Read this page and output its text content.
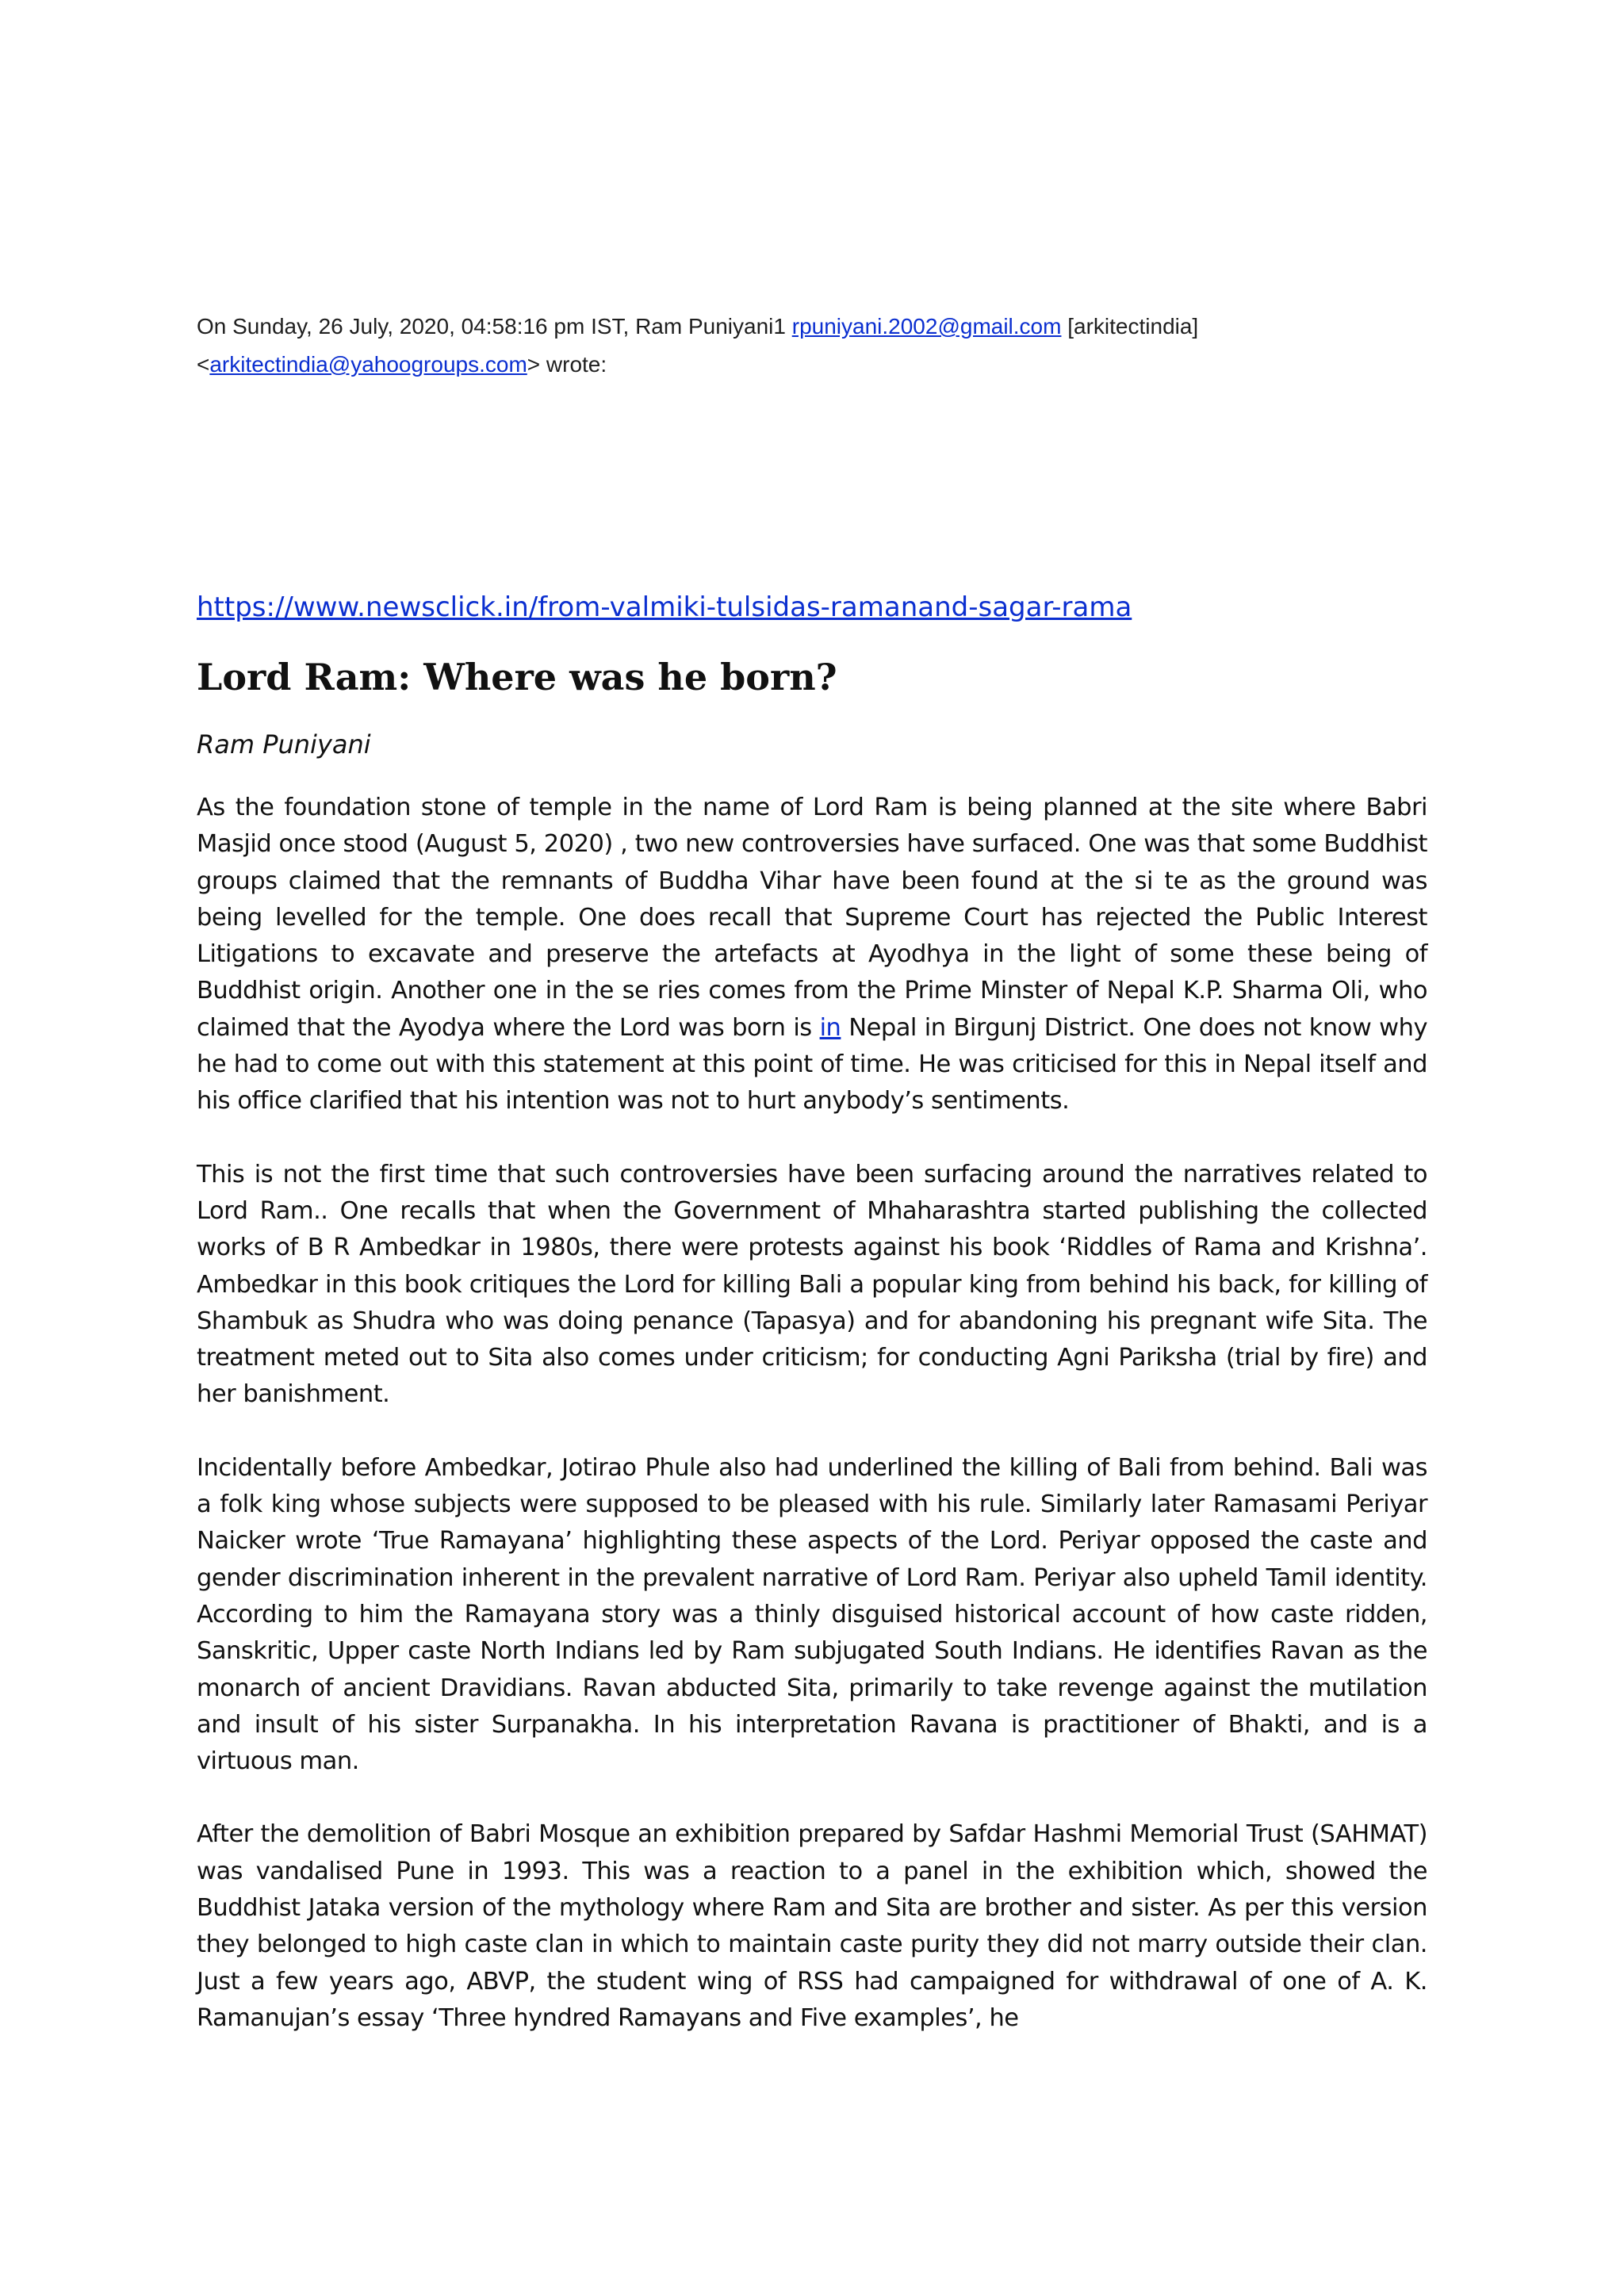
On Sunday, 26 July, 2020, 04:58:16 pm IST, Ram Puniyani1 rpuniyani.2002@gmail.com [arkitectindia]
<arkitectindia@yahoogroups.com> wrote:
https://www.newsclick.in/from-valmiki-tulsidas-ramanand-sagar-rama
Lord Ram: Where was he born?
Ram Puniyani

As the foundation stone of temple in the name of Lord Ram is being planned at the site where Babri Masjid once stood (August 5, 2020) , two new controversies have surfaced. One was that some Buddhist groups claimed that the remnants of Buddha Vihar have been found at the si te as the ground was being levelled for the temple. One does recall that Supreme Court has rejected the Public Interest Litigations to excavate and preserve the artefacts at Ayodhya in the light of some these being of Buddhist origin. Another one in the se ries comes from the Prime Minster of Nepal K.P. Sharma Oli, who claimed that the Ayodya where the Lord was born is in Nepal in Birgunj District. One does not know why he had to come out with this statement at this point of time. He was criticised for this in Nepal itself and his office clarified that his intention was not to hurt anybody’s sentiments.

This is not the first time that such controversies have been surfacing around the narratives related to Lord Ram.. One recalls that when the Government of Mhaharashtra started publishing the collected works of B R Ambedkar in 1980s, there were protests against his book ‘Riddles of Rama and Krishna’. Ambedkar in this book critiques the Lord for killing Bali a popular king from behind his back, for killing of Shambuk as Shudra who was doing penance (Tapasya) and for abandoning his pregnant wife Sita. The treatment meted out to Sita also comes under criticism; for conducting Agni Pariksha (trial by fire) and her banishment.

Incidentally before Ambedkar, Jotirao Phule also had underlined the killing of Bali from behind. Bali was a folk king whose subjects were supposed to be pleased with his rule. Similarly later Ramasami Periyar Naicker wrote ‘True Ramayana’ highlighting these aspects of the Lord. Periyar opposed the caste and gender discrimination inherent in the prevalent narrative of Lord Ram. Periyar also upheld Tamil identity. According to him the Ramayana story was a thinly disguised historical account of how caste ridden, Sanskritic, Upper caste North Indians led by Ram subjugated South Indians. He identifies Ravan as the monarch of ancient Dravidians. Ravan abducted Sita, primarily to take revenge against the mutilation and insult of his sister Surpanakha. In his interpretation Ravana is practitioner of Bhakti, and is a virtuous man.

After the demolition of Babri Mosque an exhibition prepared by Safdar Hashmi Memorial Trust (SAHMAT) was vandalised Pune in 1993. This was a reaction to a panel in the exhibition which, showed the Buddhist Jataka version of the mythology where Ram and Sita are brother and sister. As per this version they belonged to high caste clan in which to maintain caste purity they did not marry outside their clan. Just a few years ago, ABVP, the student wing of RSS had campaigned for withdrawal of one of A. K. Ramanujan’s essay ‘Three hyndred Ramayans and Five examples’, he
